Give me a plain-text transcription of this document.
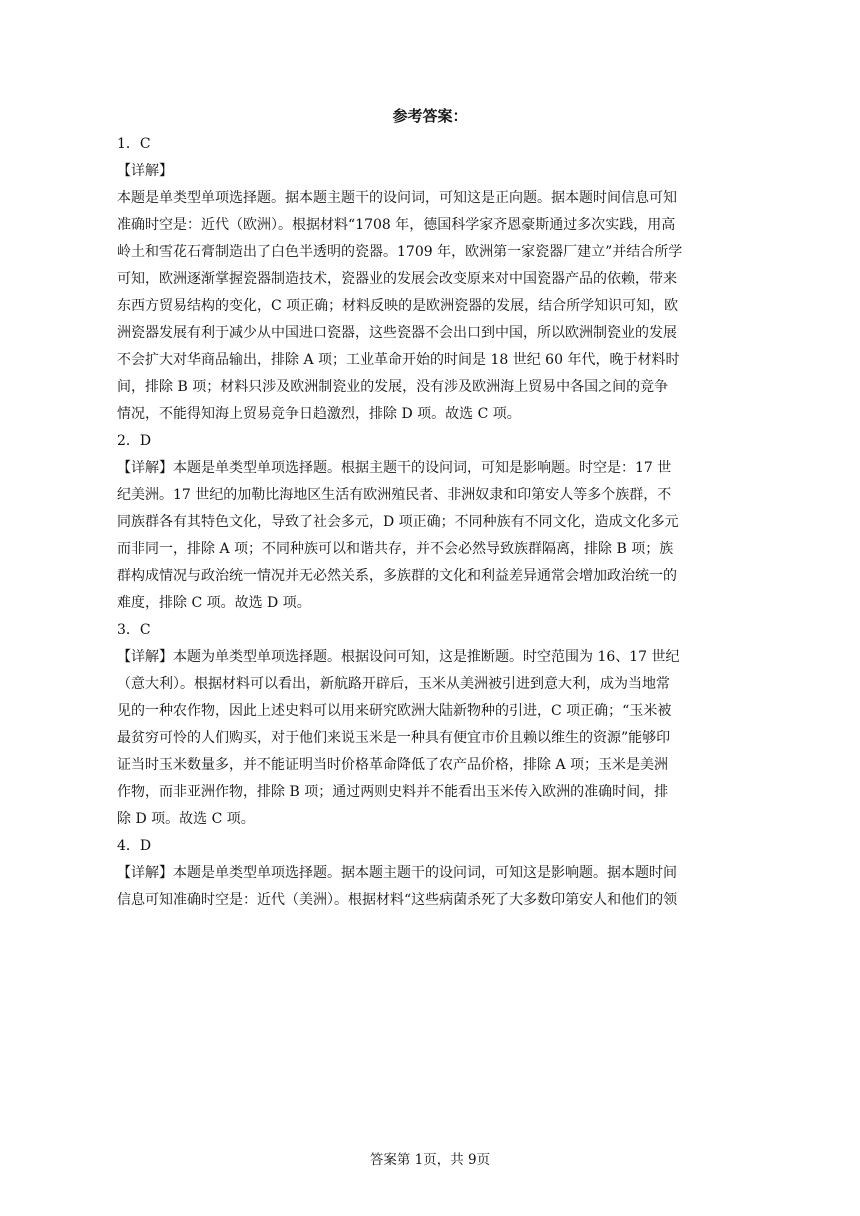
参考答案：
1．C
【详解】
本题是单类型单项选择题。据本题主题干的设问词，可知这是正向题。据本题时间信息可知
准确时空是：近代（欧洲）。根据材料“1708 年，德国科学家齐恩豪斯通过多次实践，用高
岭土和雪花石膏制造出了白色半透明的瓷器。1709 年，欧洲第一家瓷器厂建立”并结合所学
可知，欧洲逐渐掌握瓷器制造技术，瓷器业的发展会改变原来对中国瓷器产品的依赖，带来
东西方贸易结构的变化，C 项正确；材料反映的是欧洲瓷器的发展，结合所学知识可知，欧
洲瓷器发展有利于减少从中国进口瓷器，这些瓷器不会出口到中国，所以欧洲制瓷业的发展
不会扩大对华商品输出，排除 A 项；工业革命开始的时间是 18 世纪 60 年代，晚于材料时
间，排除 B 项；材料只涉及欧洲制瓷业的发展，没有涉及欧洲海上贸易中各国之间的竞争
情况，不能得知海上贸易竞争日趋激烈，排除 D 项。故选 C 项。
2．D
【详解】本题是单类型单项选择题。根据主题干的设问词，可知是影响题。时空是：17 世
纪美洲。17 世纪的加勒比海地区生活有欧洲殖民者、非洲奴隶和印第安人等多个族群，不
同族群各有其特色文化，导致了社会多元，D 项正确；不同种族有不同文化，造成文化多元
而非同一，排除 A 项；不同种族可以和谐共存，并不会必然导致族群隔离，排除 B 项；族
群构成情况与政治统一情况并无必然关系，多族群的文化和利益差异通常会增加政治统一的
难度，排除 C 项。故选 D 项。
3．C
【详解】本题为单类型单项选择题。根据设问可知，这是推断题。时空范围为 16、17 世纪
（意大利）。根据材料可以看出，新航路开辟后，玉米从美洲被引进到意大利，成为当地常
见的一种农作物，因此上述史料可以用来研究欧洲大陆新物种的引进，C 项正确；“玉米被
最贫穷可怜的人们购买，对于他们来说玉米是一种具有便宜市价且赖以维生的资源”能够印
证当时玉米数量多，并不能证明当时价格革命降低了农产品价格，排除 A 项；玉米是美洲
作物，而非亚洲作物，排除 B 项；通过两则史料并不能看出玉米传入欧洲的准确时间，排
除 D 项。故选 C 项。
4．D
【详解】本题是单类型单项选择题。据本题主题干的设问词，可知这是影响题。据本题时间
信息可知准确时空是：近代（美洲）。根据材料“这些病菌杀死了大多数印第安人和他们的领
答案第 1页，共 9页
